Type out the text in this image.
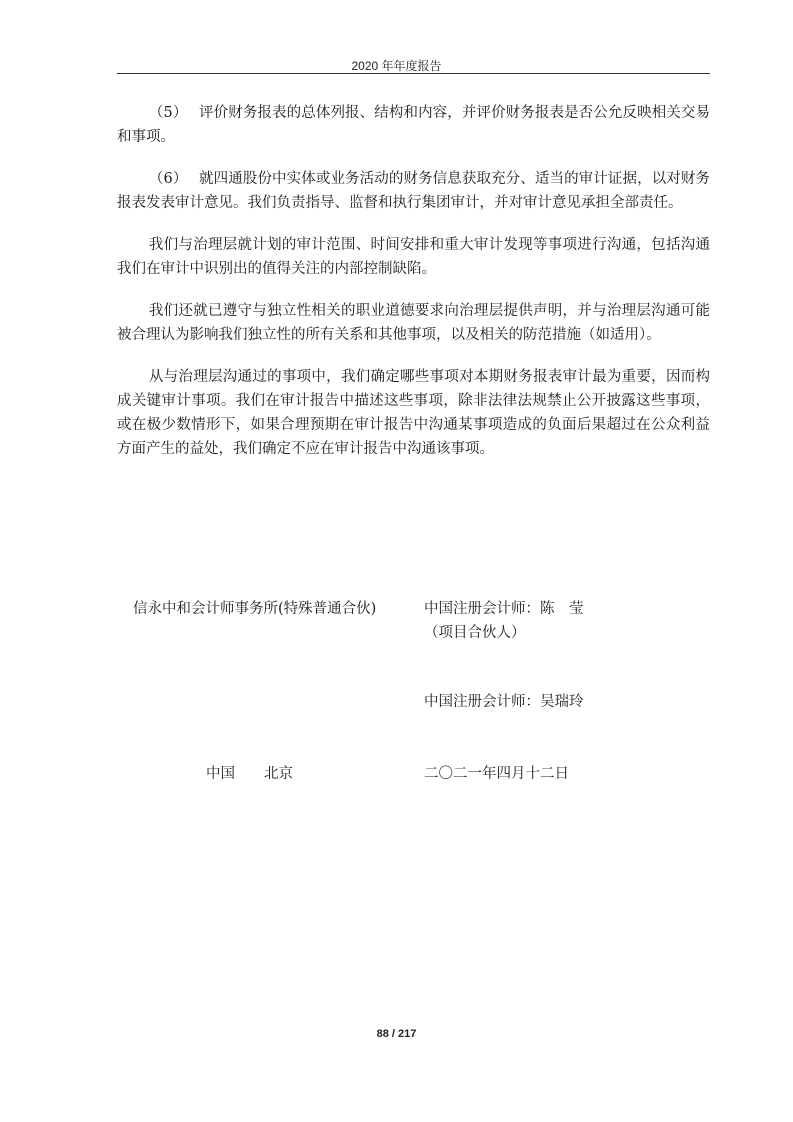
2020 年年度报告

（5） 评价财务报表的总体列报、结构和内容，并评价财务报表是否公允反映相关交易和事项。

（6） 就四通股份中实体或业务活动的财务信息获取充分、适当的审计证据，以对财务报表发表审计意见。我们负责指导、监督和执行集团审计，并对审计意见承担全部责任。

我们与治理层就计划的审计范围、时间安排和重大审计发现等事项进行沟通，包括沟通我们在审计中识别出的值得关注的内部控制缺陷。

我们还就已遵守与独立性相关的职业道德要求向治理层提供声明，并与治理层沟通可能被合理认为影响我们独立性的所有关系和其他事项，以及相关的防范措施（如适用）。

从与治理层沟通过的事项中，我们确定哪些事项对本期财务报表审计最为重要，因而构成关键审计事项。我们在审计报告中描述这些事项，除非法律法规禁止公开披露这些事项，或在极少数情形下，如果合理预期在审计报告中沟通某事项造成的负面后果超过在公众利益方面产生的益处，我们确定不应在审计报告中沟通该事项。

信永中和会计师事务所(特殊普通合伙)	中国注册会计师：陈　莹
（项目合伙人）
中国注册会计师：吴瑞玲
中国　　北京	二〇二一年四月十二日
88 / 217
